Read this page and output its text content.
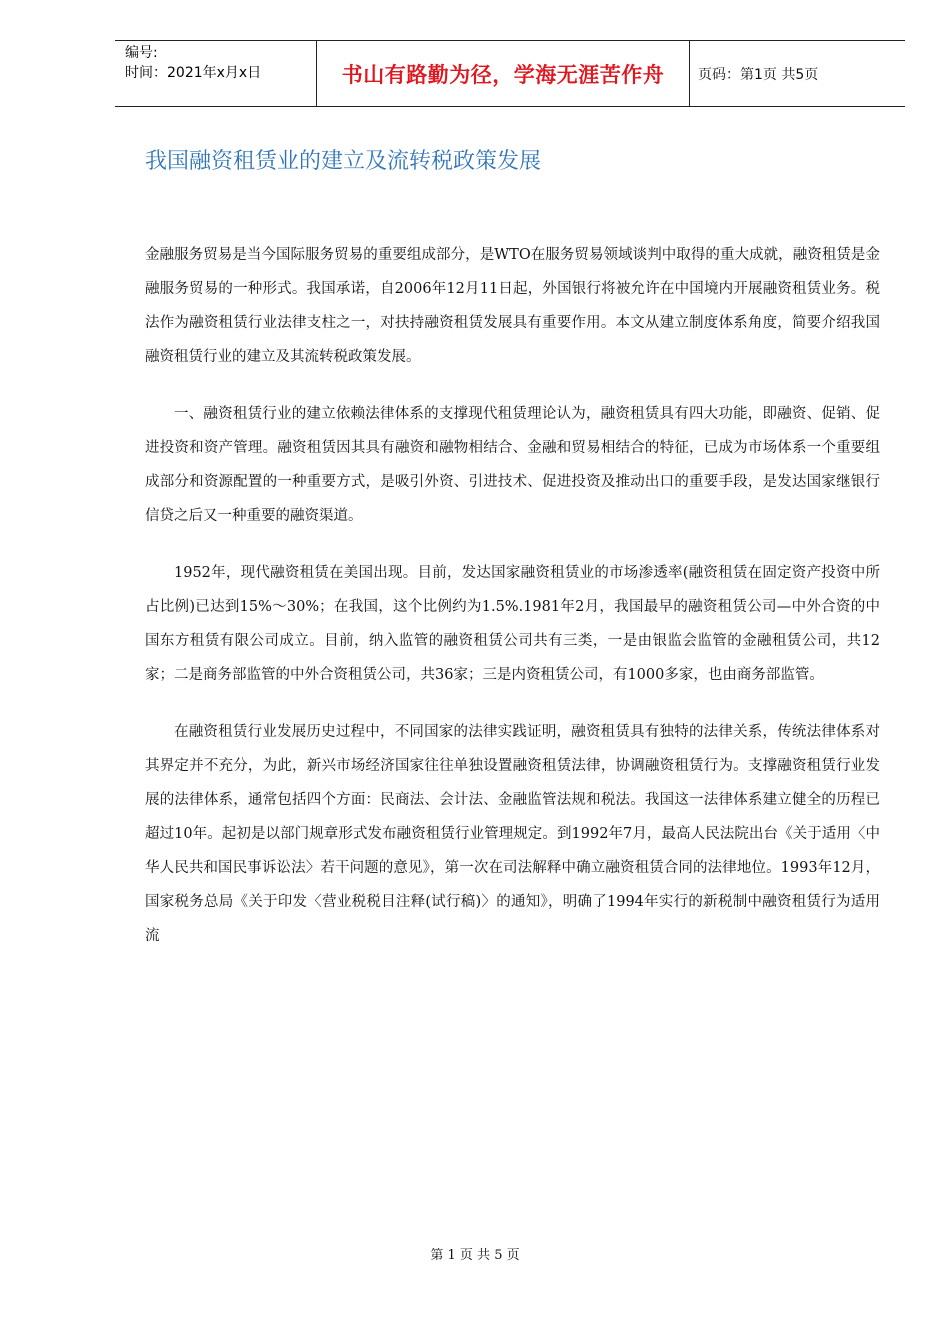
编号:
时间：2021年x月x日	书山有路勤为径，学海无涯苦作舟	页码：第1页 共5页
我国融资租赁业的建立及流转税政策发展

金融服务贸易是当今国际服务贸易的重要组成部分，是WTO在服务贸易领域谈判中取得的重大成就，融资租赁是金融服务贸易的一种形式。我国承诺，自2006年12月11日起，外国银行将被允许在中国境内开展融资租赁业务。税法作为融资租赁行业法律支柱之一，对扶持融资租赁发展具有重要作用。本文从建立制度体系角度，简要介绍我国融资租赁行业的建立及其流转税政策发展。

一、融资租赁行业的建立依赖法律体系的支撑现代租赁理论认为，融资租赁具有四大功能，即融资、促销、促进投资和资产管理。融资租赁因其具有融资和融物相结合、金融和贸易相结合的特征，已成为市场体系一个重要组成部分和资源配置的一种重要方式，是吸引外资、引进技术、促进投资及推动出口的重要手段，是发达国家继银行信贷之后又一种重要的融资渠道。

1952年，现代融资租赁在美国出现。目前，发达国家融资租赁业的市场渗透率(融资租赁在固定资产投资中所占比例)已达到15%～30%；在我国，这个比例约为1.5%.1981年2月，我国最早的融资租赁公司—中外合资的中国东方租赁有限公司成立。目前，纳入监管的融资租赁公司共有三类，一是由银监会监管的金融租赁公司，共12家；二是商务部监管的中外合资租赁公司，共36家；三是内资租赁公司，有1000多家，也由商务部监管。

在融资租赁行业发展历史过程中，不同国家的法律实践证明，融资租赁具有独特的法律关系，传统法律体系对其界定并不充分，为此，新兴市场经济国家往往单独设置融资租赁法律，协调融资租赁行为。支撑融资租赁行业发展的法律体系，通常包括四个方面：民商法、会计法、金融监管法规和税法。我国这一法律体系建立健全的历程已超过10年。起初是以部门规章形式发布融资租赁行业管理规定。到1992年7月，最高人民法院出台《关于适用〈中华人民共和国民事诉讼法〉若干问题的意见》，第一次在司法解释中确立融资租赁合同的法律地位。1993年12月，国家税务总局《关于印发〈营业税税目注释(试行稿)〉的通知》，明确了1994年实行的新税制中融资租赁行为适用流

第 1 页 共 5 页
